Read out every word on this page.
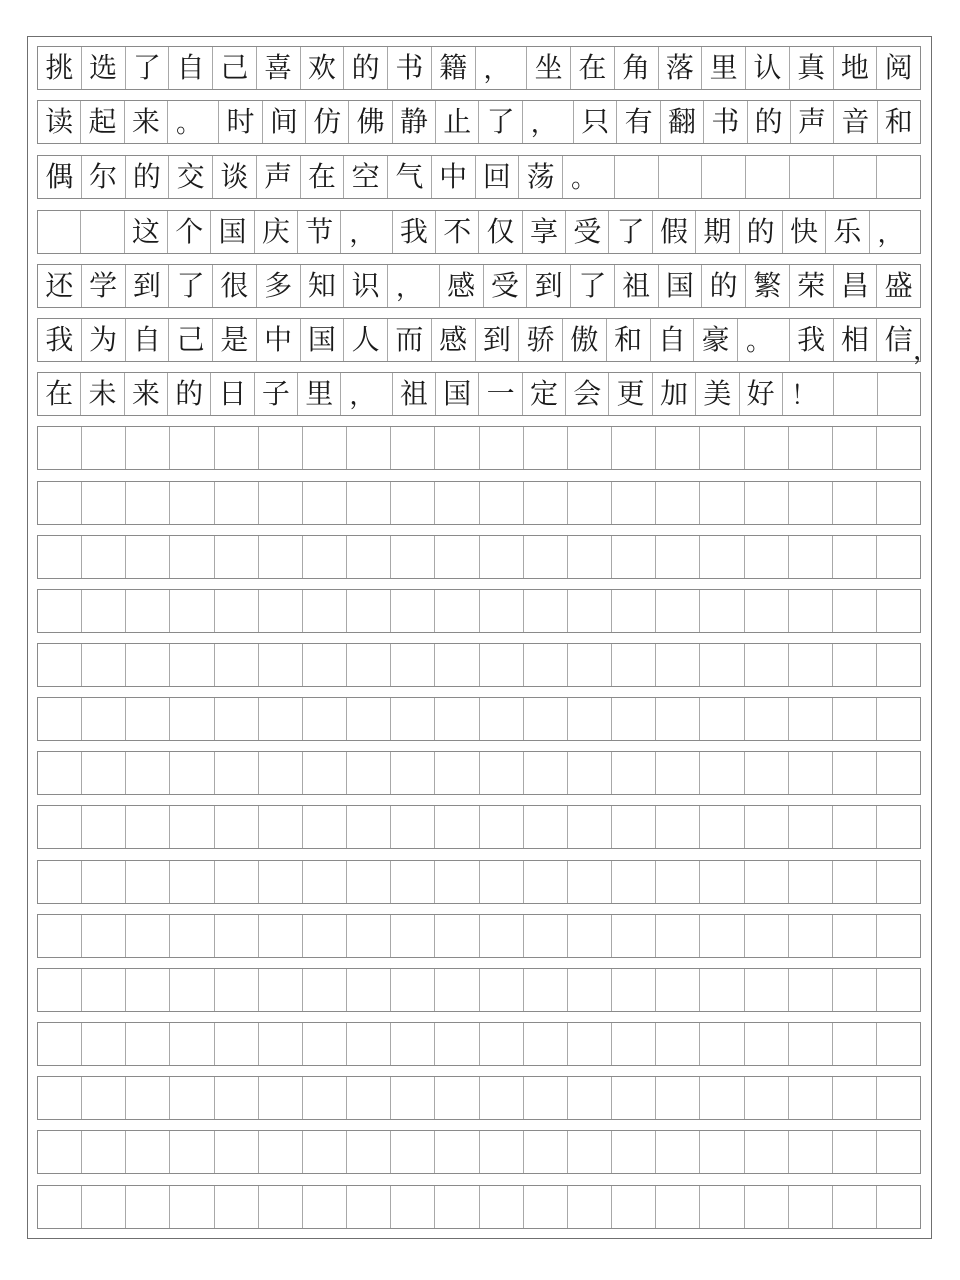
挑 选 了 自 己 喜 欢 的 书 籍 ， 坐 在 角 落 里 认 真 地 阅
读 起 来 。 时 间 仿 佛 静 止 了 ， 只 有 翻 书 的 声 音 和
偶 尔 的 交 谈 声 在 空 气 中 回 荡 。
这 个 国 庆 节 ， 我 不 仅 享 受 了 假 期 的 快 乐 ，
还 学 到 了 很 多 知 识 ， 感 受 到 了 祖 国 的 繁 荣 昌 盛
我 为 自 己 是 中 国 人 而 感 到 骄 傲 和 自 豪 。 我 相 信
在 未 来 的 日 子 里 ， 祖 国 一 定 会 更 加 美 好 ！
，
